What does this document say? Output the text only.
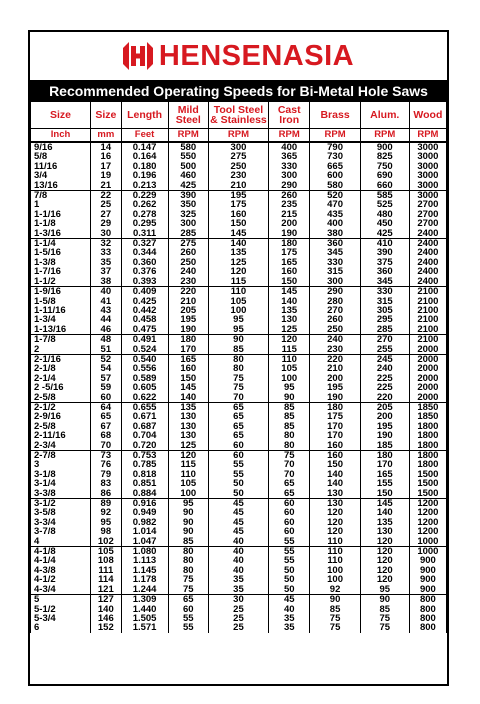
HENSENASIA
Recommended Operating Speeds for Bi-Metal Hole Saws
Size	Size	Length	Mild Steel	Tool Steel & Stainless	Cast Iron	Brass	Alum.	Wood
Inch	mm	Feet	RPM	RPM	RPM	RPM	RPM	RPM
9/16	14	0.147	580	300	400	790	900	3000
5/8	16	0.164	550	275	365	730	825	3000
11/16	17	0.180	500	250	330	665	750	3000
3/4	19	0.196	460	230	300	600	690	3000
13/16	21	0.213	425	210	290	580	660	3000
7/8	22	0.229	390	195	260	520	585	3000
1	25	0.262	350	175	235	470	525	2700
1-1/16	27	0.278	325	160	215	435	480	2700
1-1/8	29	0.295	300	150	200	400	450	2700
1-3/16	30	0.311	285	145	190	380	425	2400
1-1/4	32	0.327	275	140	180	360	410	2400
1-5/16	33	0.344	260	135	175	345	390	2400
1-3/8	35	0.360	250	125	165	330	375	2400
1-7/16	37	0.376	240	120	160	315	360	2400
1-1/2	38	0.393	230	115	150	300	345	2400
1-9/16	40	0.409	220	110	145	290	330	2100
1-5/8	41	0.425	210	105	140	280	315	2100
1-11/16	43	0.442	205	100	135	270	305	2100
1-3/4	44	0.458	195	95	130	260	295	2100
1-13/16	46	0.475	190	95	125	250	285	2100
1-7/8	48	0.491	180	90	120	240	270	2100
2	51	0.524	170	85	115	230	255	2000
2-1/16	52	0.540	165	80	110	220	245	2000
2-1/8	54	0.556	160	80	105	210	240	2000
2-1/4	57	0.589	150	75	100	200	225	2000
2 -5/16	59	0.605	145	75	95	195	225	2000
2-5/8	60	0.622	140	70	90	190	220	2000
2-1/2	64	0.655	135	65	85	180	205	1850
2-9/16	65	0.671	130	65	85	175	200	1850
2-5/8	67	0.687	130	65	85	170	195	1800
2-11/16	68	0.704	130	65	80	170	190	1800
2-3/4	70	0.720	125	60	80	160	185	1800
2-7/8	73	0.753	120	60	75	160	180	1800
3	76	0.785	115	55	70	150	170	1800
3-1/8	79	0.818	110	55	70	140	165	1500
3-1/4	83	0.851	105	50	65	140	155	1500
3-3/8	86	0.884	100	50	65	130	150	1500
3-1/2	89	0.916	95	45	60	130	145	1200
3-5/8	92	0.949	90	45	60	120	140	1200
3-3/4	95	0.982	90	45	60	120	135	1200
3-7/8	98	1.014	90	45	60	120	130	1200
4	102	1.047	85	40	55	110	120	1000
4-1/8	105	1.080	80	40	55	110	120	1000
4-1/4	108	1.113	80	40	55	110	120	900
4-3/8	111	1.145	80	40	50	100	120	900
4-1/2	114	1.178	75	35	50	100	120	900
4-3/4	121	1.244	75	35	50	92	95	900
5	127	1.309	65	30	45	90	90	800
5-1/2	140	1.440	60	25	40	85	85	800
5-3/4	146	1.505	55	25	35	75	75	800
6	152	1.571	55	25	35	75	75	800
